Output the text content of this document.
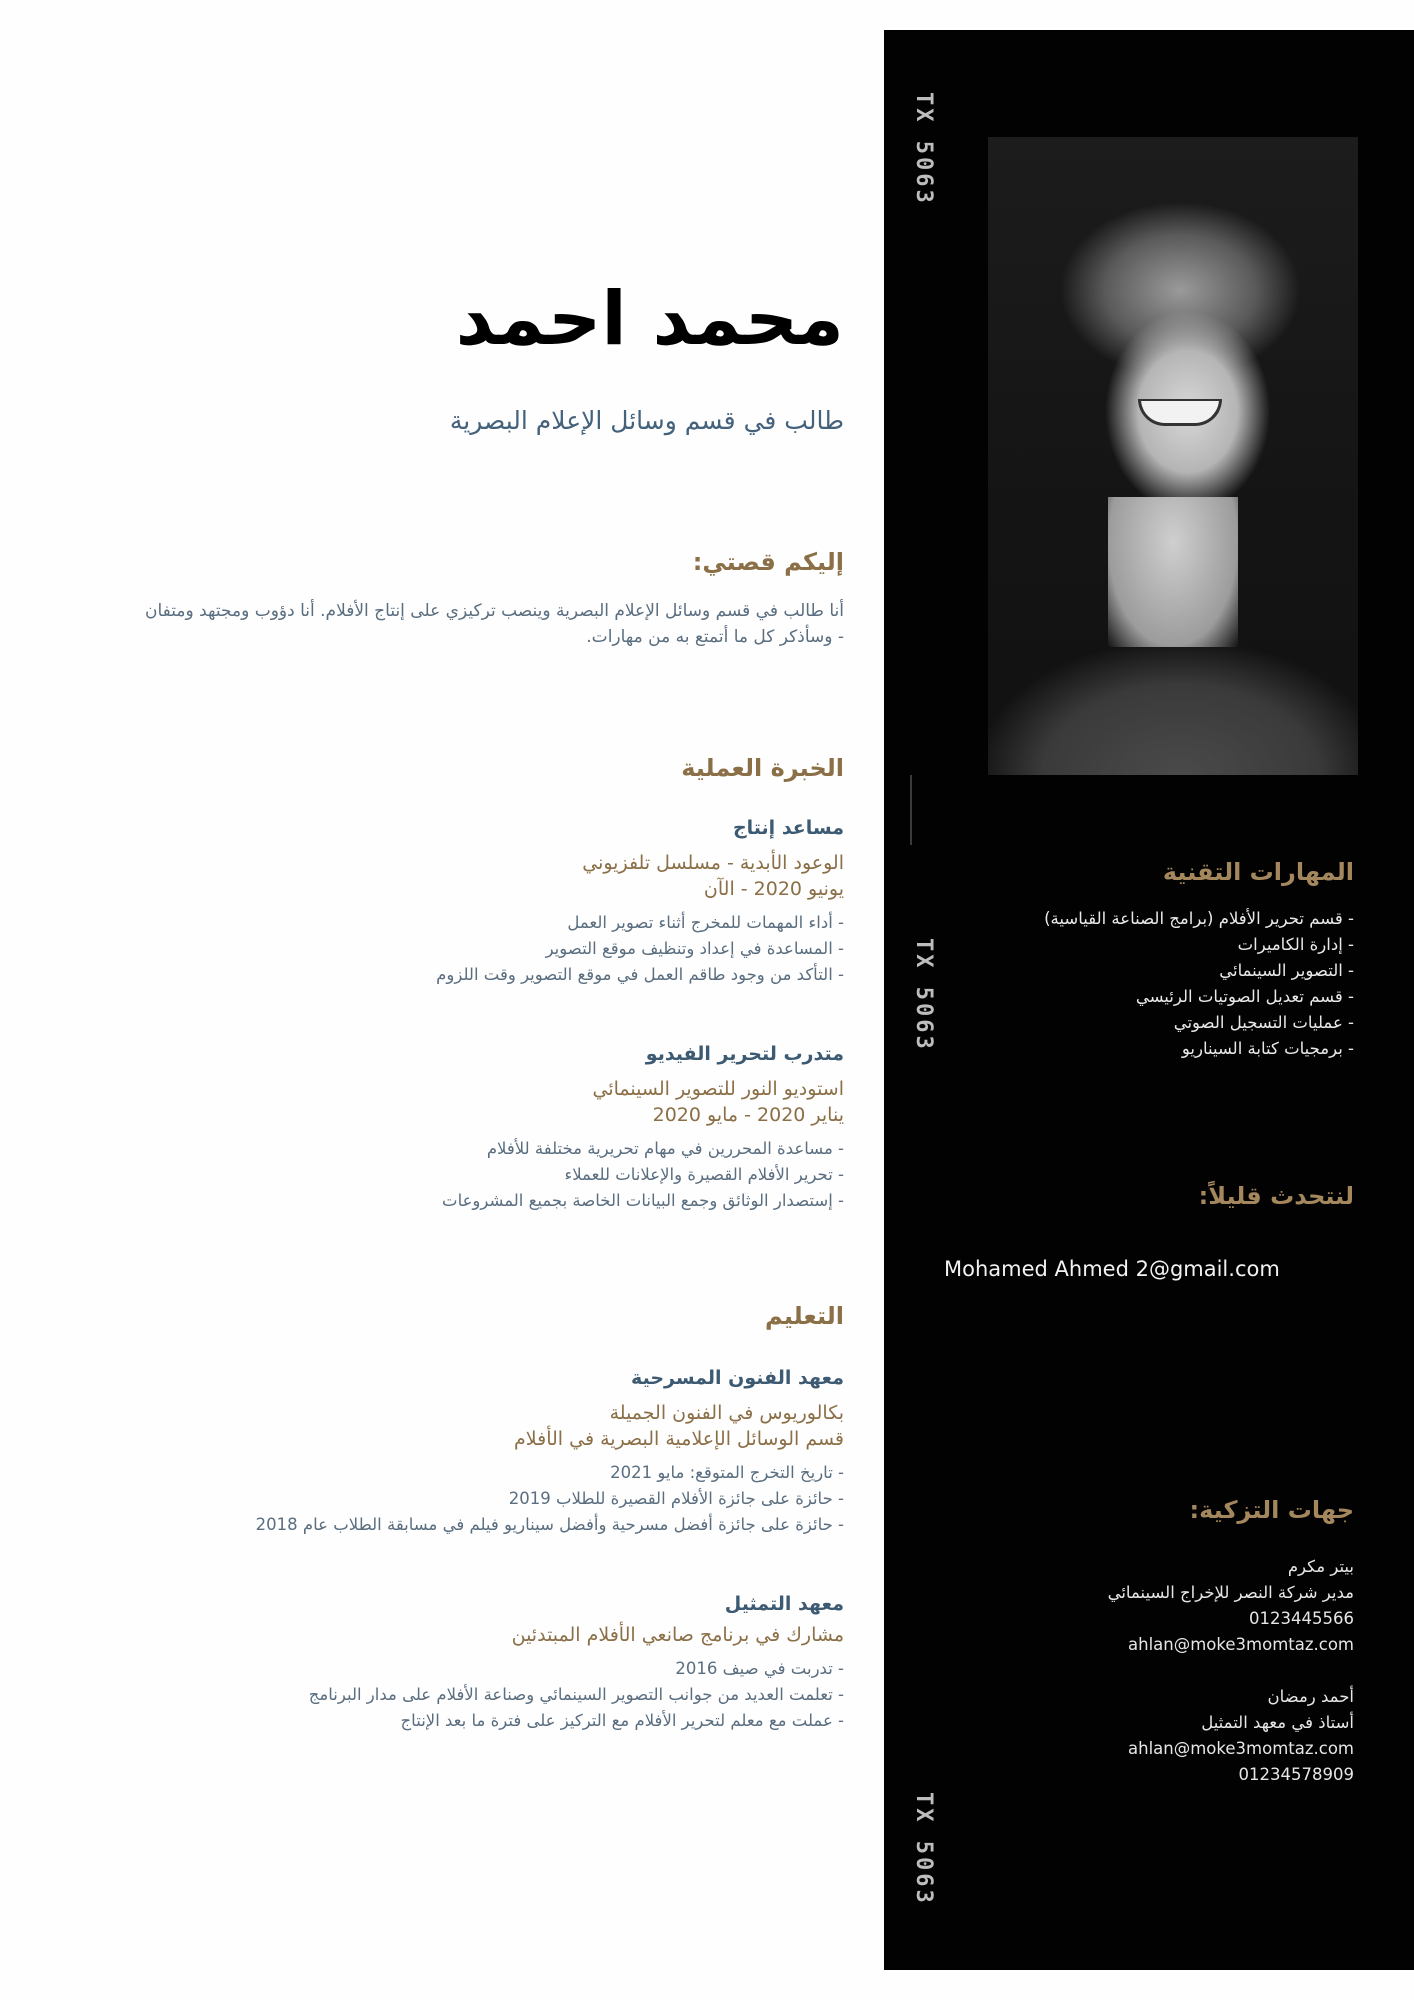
محمد احمد
طالب في قسم وسائل الإعلام البصرية
إليكم قصتي:
أنا طالب في قسم وسائل الإعلام البصرية وينصب تركيزي على إنتاج الأفلام. أنا دؤوب ومجتهد ومتفان
- وسأذكر كل ما أتمتع به من مهارات.
الخبرة العملية
مساعد إنتاج
الوعود الأبدية - مسلسل تلفزيوني
يونيو 2020 - الآن
- أداء المهمات للمخرج أثناء تصوير العمل
- المساعدة في إعداد وتنظيف موقع التصوير
- التأكد من وجود طاقم العمل في موقع التصوير وقت اللزوم
متدرب لتحرير الفيديو
استوديو النور للتصوير السينمائي
يناير 2020 - مايو 2020
- مساعدة المحررين في مهام تحريرية مختلفة للأفلام
- تحرير الأفلام القصيرة والإعلانات للعملاء
- إستصدار الوثائق وجمع البيانات الخاصة بجميع المشروعات
التعليم
معهد الفنون المسرحية
بكالوريوس في الفنون الجميلة
قسم الوسائل الإعلامية البصرية في الأفلام
- تاريخ التخرج المتوقع: مايو 2021
- حائزة على جائزة الأفلام القصيرة للطلاب 2019
- حائزة على جائزة أفضل مسرحية وأفضل سيناريو فيلم في مسابقة الطلاب عام 2018
معهد التمثيل
مشارك في برنامج صانعي الأفلام المبتدئين
- تدربت في صيف 2016
- تعلمت العديد من جوانب التصوير السينمائي وصناعة الأفلام على مدار البرنامج
- عملت مع معلم لتحرير الأفلام مع التركيز على فترة ما بعد الإنتاج
TX 5063
TX 5063
TX 5063
المهارات التقنية
- قسم تحرير الأفلام (برامج الصناعة القياسية)
- إدارة الكاميرات
- التصوير السينمائي
- قسم تعديل الصوتيات الرئيسي
- عمليات التسجيل الصوتي
- برمجيات كتابة السيناريو
لنتحدث قليلاً:
Mohamed Ahmed 2@gmail.com
جهات التزكية:
بيتر مكرم
مدير شركة النصر للإخراج السينمائي
0123445566
ahlan@moke3momtaz.com
أحمد رمضان
أستاذ في معهد التمثيل
ahlan@moke3momtaz.com
01234578909
